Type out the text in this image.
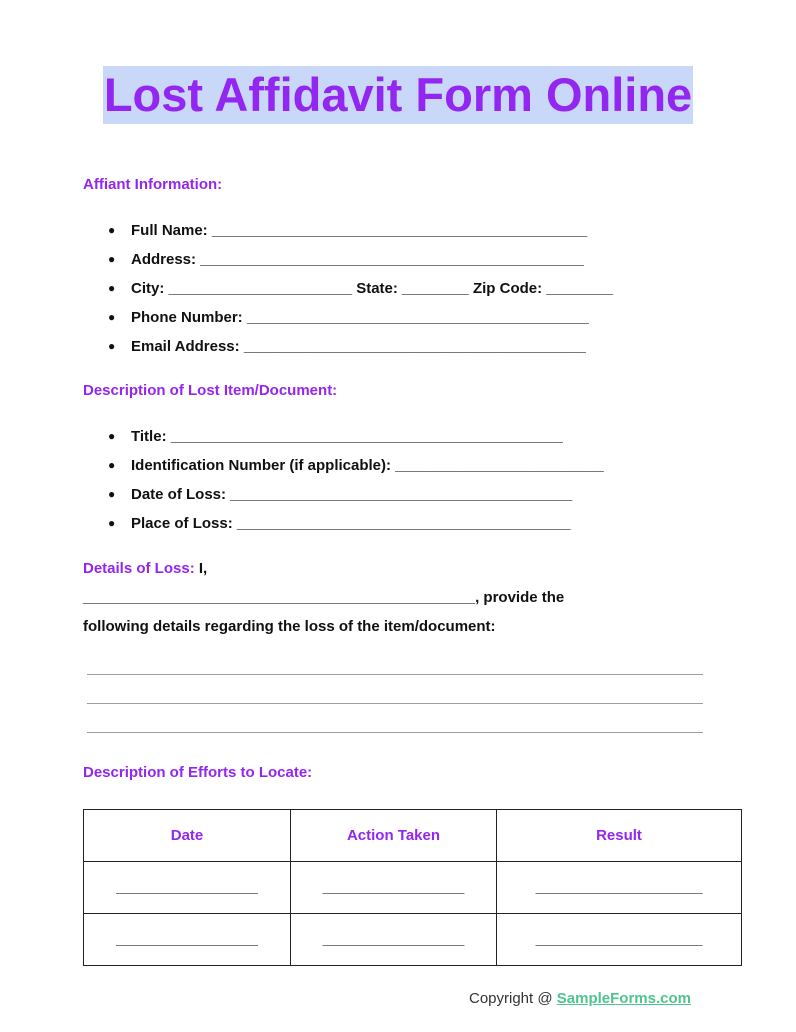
Lost Affidavit Form Online

Affiant Information:

● Full Name: _____________________________________________
● Address: ______________________________________________
● City: ______________________ State: ________ Zip Code: ________
● Phone Number: _________________________________________
● Email Address: _________________________________________

Description of Lost Item/Document:

● Title: _______________________________________________
● Identification Number (if applicable): _________________________
● Date of Loss: _________________________________________
● Place of Loss: ________________________________________

Details of Loss: I,

_______________________________________________, provide the

following details regarding the loss of the item/document:

Description of Efforts to Locate:

Date	Action Taken	Result
_________________	_________________	____________________
_________________	_________________	____________________
Copyright @ SampleForms.com
